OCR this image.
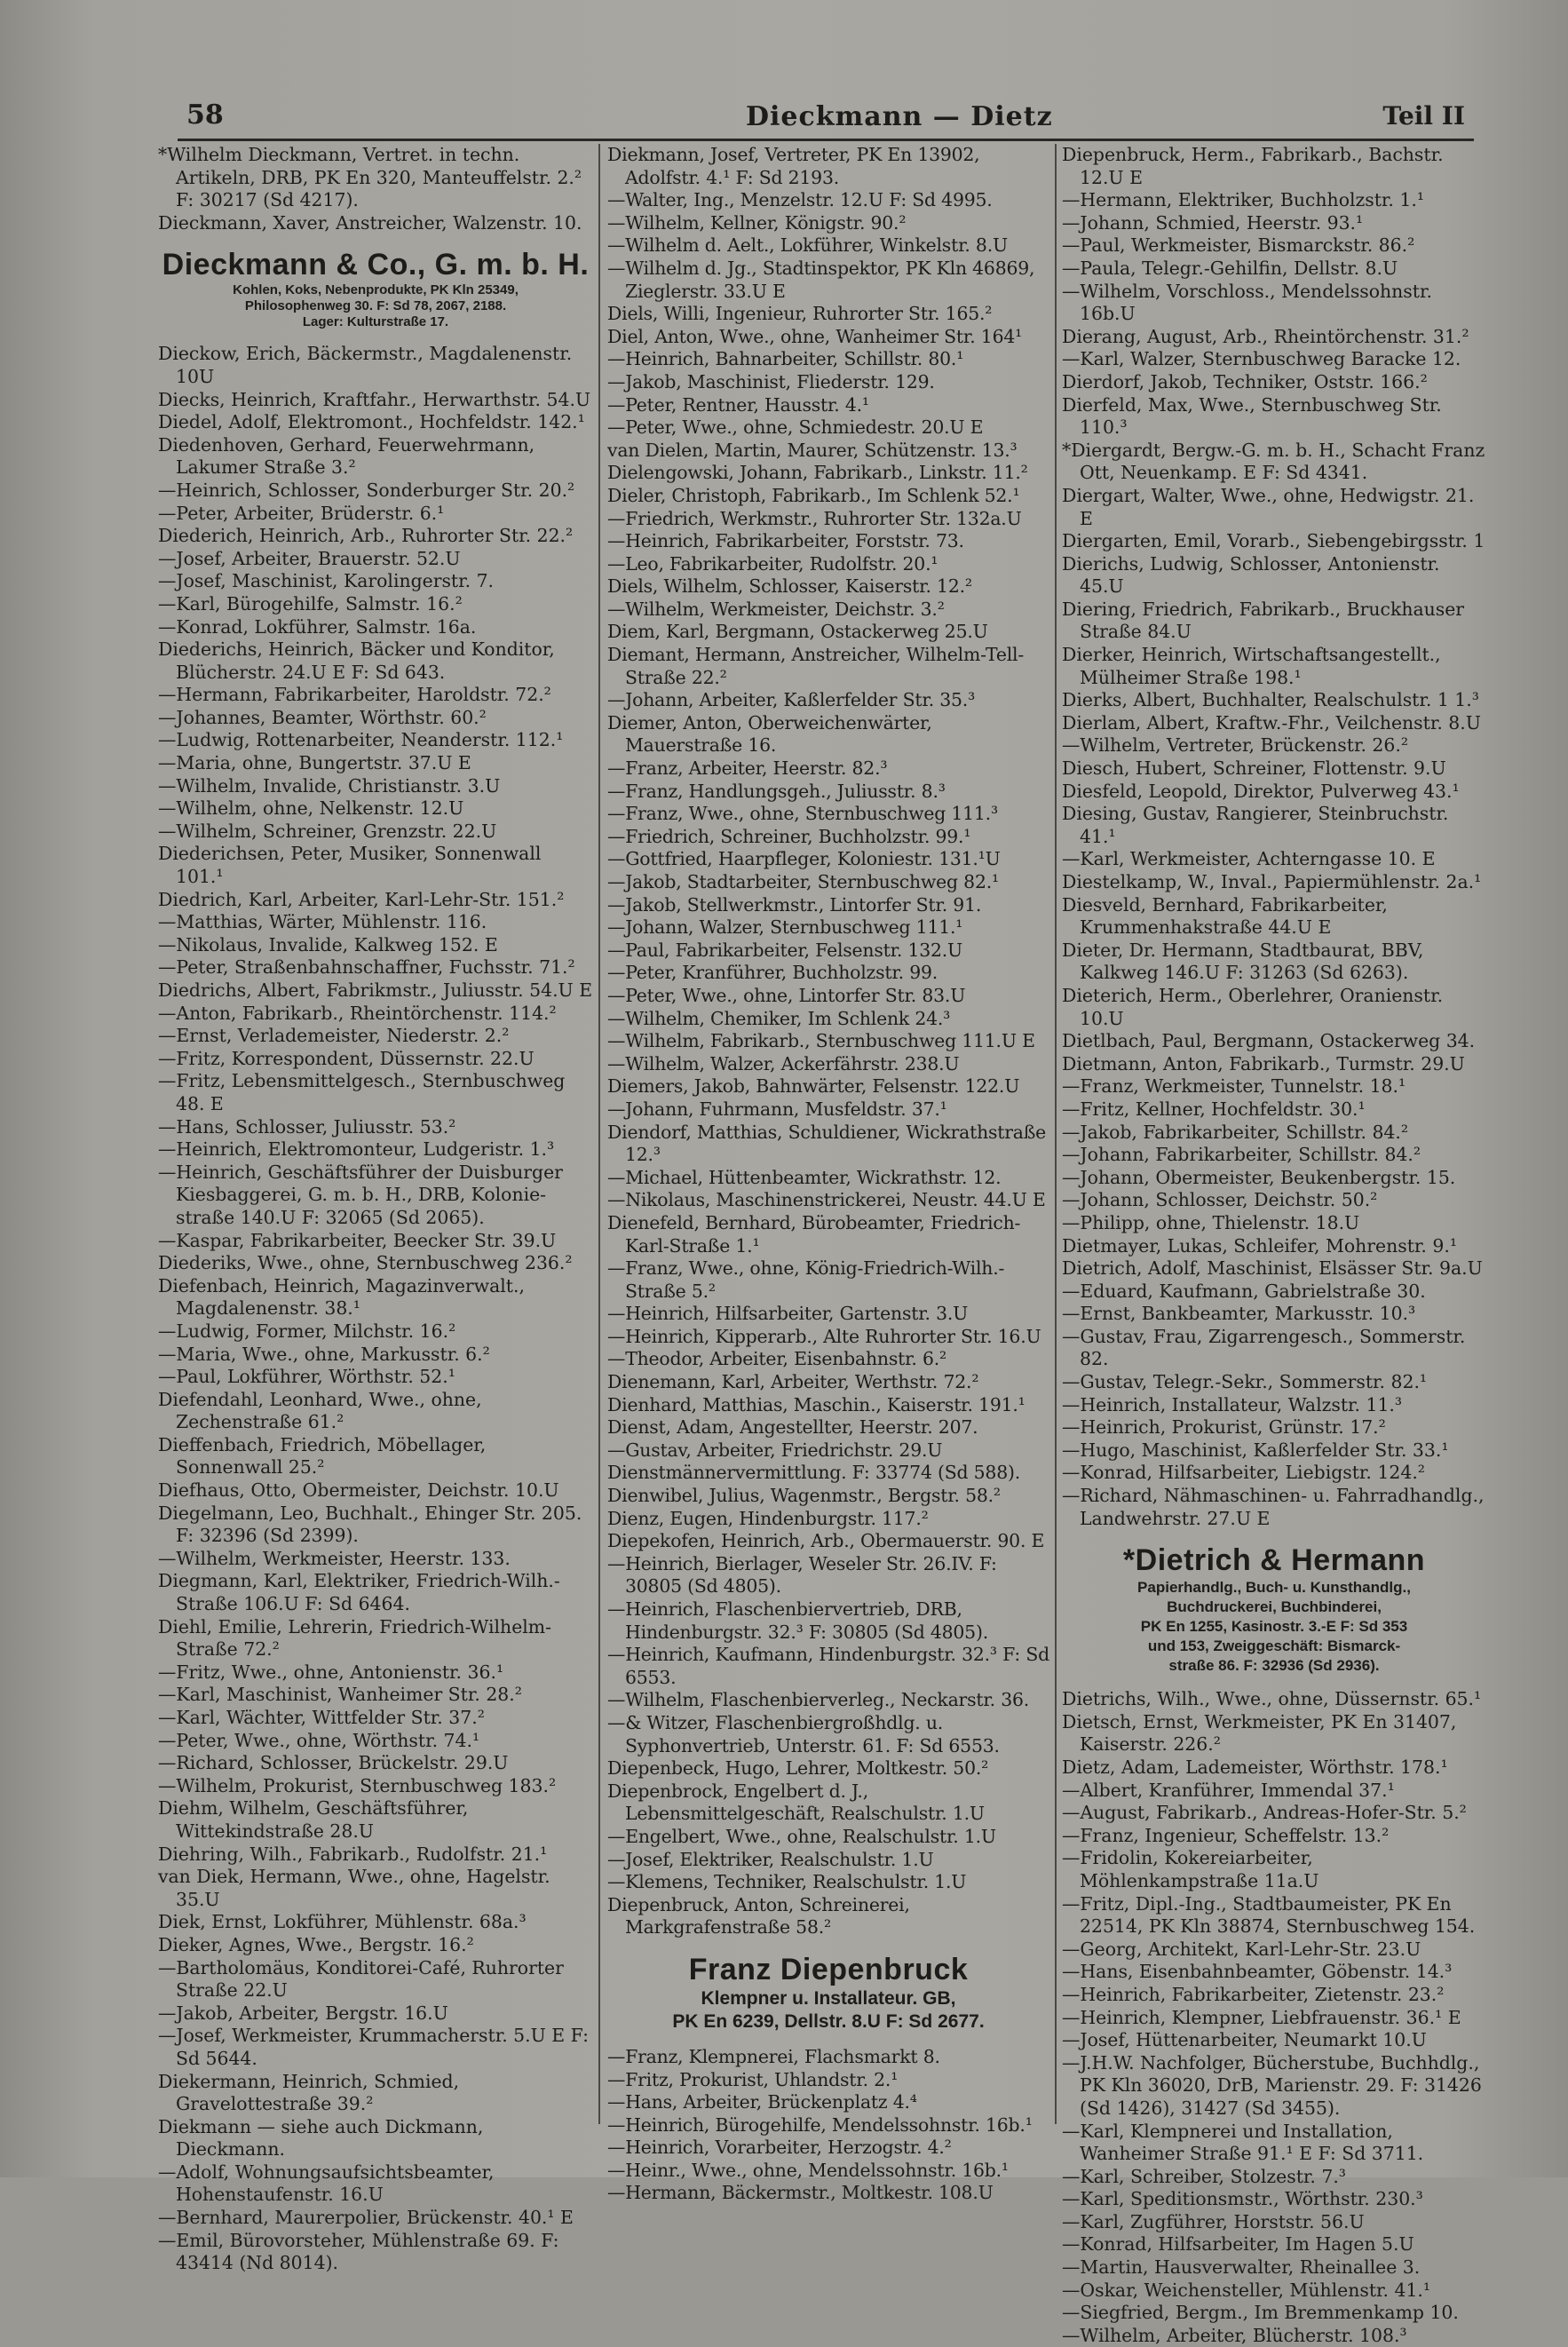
58	Dieckmann — Dietz	Teil II

*Wilhelm Dieckmann, Vertret. in techn. Artikeln, DRB, PK En 320, Manteuffelstr. 2.² F: 30217 (Sd 4217).

Dieckmann, Xaver, Anstreicher, Walzenstr. 10.

Dieckmann & Co., G. m. b. H.
Kohlen, Koks, Nebenprodukte, PK Kln 25349,
Philosophenweg 30. F: Sd 78, 2067, 2188.
Lager: Kulturstraße 17.

Dieckow, Erich, Bäckermstr., Magdalenenstr. 10U

Diecks, Heinrich, Kraftfahr., Herwarthstr. 54.U

Diedel, Adolf, Elektromont., Hochfeldstr. 142.¹

Diedenhoven, Gerhard, Feuerwehrmann, Lakumer Straße 3.²

—Heinrich, Schlosser, Sonderburger Str. 20.²

—Peter, Arbeiter, Brüderstr. 6.¹

Diederich, Heinrich, Arb., Ruhrorter Str. 22.²

—Josef, Arbeiter, Brauerstr. 52.U

—Josef, Maschinist, Karolingerstr. 7.

—Karl, Bürogehilfe, Salmstr. 16.²

—Konrad, Lokführer, Salmstr. 16a.

Diederichs, Heinrich, Bäcker und Konditor, Blücherstr. 24.U E F: Sd 643.

—Hermann, Fabrikarbeiter, Haroldstr. 72.²

—Johannes, Beamter, Wörthstr. 60.²

—Ludwig, Rottenarbeiter, Neanderstr. 112.¹

—Maria, ohne, Bungertstr. 37.U E

—Wilhelm, Invalide, Christianstr. 3.U

—Wilhelm, ohne, Nelkenstr. 12.U

—Wilhelm, Schreiner, Grenzstr. 22.U

Diederichsen, Peter, Musiker, Sonnenwall 101.¹

Diedrich, Karl, Arbeiter, Karl-Lehr-Str. 151.²

—Matthias, Wärter, Mühlenstr. 116.

—Nikolaus, Invalide, Kalkweg 152. E

—Peter, Straßenbahnschaffner, Fuchsstr. 71.²

Diedrichs, Albert, Fabrikmstr., Juliusstr. 54.U E

—Anton, Fabrikarb., Rheintörchenstr. 114.²

—Ernst, Verlademeister, Niederstr. 2.²

—Fritz, Korrespondent, Düssernstr. 22.U

—Fritz, Lebensmittelgesch., Sternbuschweg 48. E

—Hans, Schlosser, Juliusstr. 53.²

—Heinrich, Elektromonteur, Ludgeristr. 1.³

—Heinrich, Geschäftsführer der Duisburger Kiesbaggerei, G. m. b. H., DRB, Kolonie-straße 140.U F: 32065 (Sd 2065).

—Kaspar, Fabrikarbeiter, Beecker Str. 39.U

Diederiks, Wwe., ohne, Sternbuschweg 236.²

Diefenbach, Heinrich, Magazinverwalt., Magdalenenstr. 38.¹

—Ludwig, Former, Milchstr. 16.²

—Maria, Wwe., ohne, Markusstr. 6.²

—Paul, Lokführer, Wörthstr. 52.¹

Diefendahl, Leonhard, Wwe., ohne, Zechenstraße 61.²

Dieffenbach, Friedrich, Möbellager, Sonnenwall 25.²

Diefhaus, Otto, Obermeister, Deichstr. 10.U

Diegelmann, Leo, Buchhalt., Ehinger Str. 205. F: 32396 (Sd 2399).

—Wilhelm, Werkmeister, Heerstr. 133.

Diegmann, Karl, Elektriker, Friedrich-Wilh.-Straße 106.U F: Sd 6464.

Diehl, Emilie, Lehrerin, Friedrich-Wilhelm-Straße 72.²

—Fritz, Wwe., ohne, Antonienstr. 36.¹

—Karl, Maschinist, Wanheimer Str. 28.²

—Karl, Wächter, Wittfelder Str. 37.²

—Peter, Wwe., ohne, Wörthstr. 74.¹

—Richard, Schlosser, Brückelstr. 29.U

—Wilhelm, Prokurist, Sternbuschweg 183.²

Diehm, Wilhelm, Geschäftsführer, Wittekindstraße 28.U

Diehring, Wilh., Fabrikarb., Rudolfstr. 21.¹

van Diek, Hermann, Wwe., ohne, Hagelstr. 35.U

Diek, Ernst, Lokführer, Mühlenstr. 68a.³

Dieker, Agnes, Wwe., Bergstr. 16.²

—Bartholomäus, Konditorei-Café, Ruhrorter Straße 22.U

—Jakob, Arbeiter, Bergstr. 16.U

—Josef, Werkmeister, Krummacherstr. 5.U E F: Sd 5644.

Diekermann, Heinrich, Schmied, Gravelottestraße 39.²

Diekmann — siehe auch Dickmann, Dieckmann.

—Adolf, Wohnungsaufsichtsbeamter, Hohenstaufenstr. 16.U

—Bernhard, Maurerpolier, Brückenstr. 40.¹ E

—Emil, Bürovorsteher, Mühlenstraße 69. F: 43414 (Nd 8014).

Diekmann, Josef, Vertreter, PK En 13902, Adolfstr. 4.¹ F: Sd 2193.

—Walter, Ing., Menzelstr. 12.U F: Sd 4995.

—Wilhelm, Kellner, Königstr. 90.²

—Wilhelm d. Aelt., Lokführer, Winkelstr. 8.U

—Wilhelm d. Jg., Stadtinspektor, PK Kln 46869, Zieglerstr. 33.U E

Diels, Willi, Ingenieur, Ruhrorter Str. 165.²

Diel, Anton, Wwe., ohne, Wanheimer Str. 164¹

—Heinrich, Bahnarbeiter, Schillstr. 80.¹

—Jakob, Maschinist, Fliederstr. 129.

—Peter, Rentner, Hausstr. 4.¹

—Peter, Wwe., ohne, Schmiedestr. 20.U E

van Dielen, Martin, Maurer, Schützenstr. 13.³

Dielengowski, Johann, Fabrikarb., Linkstr. 11.²

Dieler, Christoph, Fabrikarb., Im Schlenk 52.¹

—Friedrich, Werkmstr., Ruhrorter Str. 132a.U

—Heinrich, Fabrikarbeiter, Forststr. 73.

—Leo, Fabrikarbeiter, Rudolfstr. 20.¹

Diels, Wilhelm, Schlosser, Kaiserstr. 12.²

—Wilhelm, Werkmeister, Deichstr. 3.²

Diem, Karl, Bergmann, Ostackerweg 25.U

Diemant, Hermann, Anstreicher, Wilhelm-Tell-Straße 22.²

—Johann, Arbeiter, Kaßlerfelder Str. 35.³

Diemer, Anton, Oberweichenwärter, Mauerstraße 16.

—Franz, Arbeiter, Heerstr. 82.³

—Franz, Handlungsgeh., Juliusstr. 8.³

—Franz, Wwe., ohne, Sternbuschweg 111.³

—Friedrich, Schreiner, Buchholzstr. 99.¹

—Gottfried, Haarpfleger, Koloniestr. 131.¹U

—Jakob, Stadtarbeiter, Sternbuschweg 82.¹

—Jakob, Stellwerkmstr., Lintorfer Str. 91.

—Johann, Walzer, Sternbuschweg 111.¹

—Paul, Fabrikarbeiter, Felsenstr. 132.U

—Peter, Kranführer, Buchholzstr. 99.

—Peter, Wwe., ohne, Lintorfer Str. 83.U

—Wilhelm, Chemiker, Im Schlenk 24.³

—Wilhelm, Fabrikarb., Sternbuschweg 111.U E

—Wilhelm, Walzer, Ackerfährstr. 238.U

Diemers, Jakob, Bahnwärter, Felsenstr. 122.U

—Johann, Fuhrmann, Musfeldstr. 37.¹

Diendorf, Matthias, Schuldiener, Wickrathstraße 12.³

—Michael, Hüttenbeamter, Wickrathstr. 12.

—Nikolaus, Maschinenstrickerei, Neustr. 44.U E

Dienefeld, Bernhard, Bürobeamter, Friedrich-Karl-Straße 1.¹

—Franz, Wwe., ohne, König-Friedrich-Wilh.-Straße 5.²

—Heinrich, Hilfsarbeiter, Gartenstr. 3.U

—Heinrich, Kipperarb., Alte Ruhrorter Str. 16.U

—Theodor, Arbeiter, Eisenbahnstr. 6.²

Dienemann, Karl, Arbeiter, Werthstr. 72.²

Dienhard, Matthias, Maschin., Kaiserstr. 191.¹

Dienst, Adam, Angestellter, Heerstr. 207.

—Gustav, Arbeiter, Friedrichstr. 29.U

Dienstmännervermittlung. F: 33774 (Sd 588).

Dienwibel, Julius, Wagenmstr., Bergstr. 58.²

Dienz, Eugen, Hindenburgstr. 117.²

Diepekofen, Heinrich, Arb., Obermauerstr. 90. E

—Heinrich, Bierlager, Weseler Str. 26.IV. F: 30805 (Sd 4805).

—Heinrich, Flaschenbiervertrieb, DRB, Hindenburgstr. 32.³ F: 30805 (Sd 4805).

—Heinrich, Kaufmann, Hindenburgstr. 32.³ F: Sd 6553.

—Wilhelm, Flaschenbierverleg., Neckarstr. 36.

—& Witzer, Flaschenbiergroßhdlg. u. Syphonvertrieb, Unterstr. 61. F: Sd 6553.

Diepenbeck, Hugo, Lehrer, Moltkestr. 50.²

Diepenbrock, Engelbert d. J., Lebensmittelgeschäft, Realschulstr. 1.U

—Engelbert, Wwe., ohne, Realschulstr. 1.U

—Josef, Elektriker, Realschulstr. 1.U

—Klemens, Techniker, Realschulstr. 1.U

Diepenbruck, Anton, Schreinerei, Markgrafenstraße 58.²

Franz Diepenbruck
Klempner u. Installateur. GB,
PK En 6239, Dellstr. 8.U F: Sd 2677.

—Franz, Klempnerei, Flachsmarkt 8.

—Fritz, Prokurist, Uhlandstr. 2.¹

—Hans, Arbeiter, Brückenplatz 4.⁴

—Heinrich, Bürogehilfe, Mendelssohnstr. 16b.¹

—Heinrich, Vorarbeiter, Herzogstr. 4.²

—Heinr., Wwe., ohne, Mendelssohnstr. 16b.¹

—Hermann, Bäckermstr., Moltkestr. 108.U

Diepenbruck, Herm., Fabrikarb., Bachstr. 12.U E

—Hermann, Elektriker, Buchholzstr. 1.¹

—Johann, Schmied, Heerstr. 93.¹

—Paul, Werkmeister, Bismarckstr. 86.²

—Paula, Telegr.-Gehilfin, Dellstr. 8.U

—Wilhelm, Vorschloss., Mendelssohnstr. 16b.U

Dierang, August, Arb., Rheintörchenstr. 31.²

—Karl, Walzer, Sternbuschweg Baracke 12.

Dierdorf, Jakob, Techniker, Oststr. 166.²

Dierfeld, Max, Wwe., Sternbuschweg Str. 110.³

*Diergardt, Bergw.-G. m. b. H., Schacht Franz Ott, Neuenkamp. E F: Sd 4341.

Diergart, Walter, Wwe., ohne, Hedwigstr. 21. E

Diergarten, Emil, Vorarb., Siebengebirgsstr. 1

Dierichs, Ludwig, Schlosser, Antonienstr. 45.U

Diering, Friedrich, Fabrikarb., Bruckhauser Straße 84.U

Dierker, Heinrich, Wirtschaftsangestellt., Mülheimer Straße 198.¹

Dierks, Albert, Buchhalter, Realschulstr. 1 1.³

Dierlam, Albert, Kraftw.-Fhr., Veilchenstr. 8.U

—Wilhelm, Vertreter, Brückenstr. 26.²

Diesch, Hubert, Schreiner, Flottenstr. 9.U

Diesfeld, Leopold, Direktor, Pulverweg 43.¹

Diesing, Gustav, Rangierer, Steinbruchstr. 41.¹

—Karl, Werkmeister, Achterngasse 10. E

Diestelkamp, W., Inval., Papiermühlenstr. 2a.¹

Diesveld, Bernhard, Fabrikarbeiter, Krummenhakstraße 44.U E

Dieter, Dr. Hermann, Stadtbaurat, BBV, Kalkweg 146.U F: 31263 (Sd 6263).

Dieterich, Herm., Oberlehrer, Oranienstr. 10.U

Dietlbach, Paul, Bergmann, Ostackerweg 34.

Dietmann, Anton, Fabrikarb., Turmstr. 29.U

—Franz, Werkmeister, Tunnelstr. 18.¹

—Fritz, Kellner, Hochfeldstr. 30.¹

—Jakob, Fabrikarbeiter, Schillstr. 84.²

—Johann, Fabrikarbeiter, Schillstr. 84.²

—Johann, Obermeister, Beukenbergstr. 15.

—Johann, Schlosser, Deichstr. 50.²

—Philipp, ohne, Thielenstr. 18.U

Dietmayer, Lukas, Schleifer, Mohrenstr. 9.¹

Dietrich, Adolf, Maschinist, Elsässer Str. 9a.U

—Eduard, Kaufmann, Gabrielstraße 30.

—Ernst, Bankbeamter, Markusstr. 10.³

—Gustav, Frau, Zigarrengesch., Sommerstr. 82.

—Gustav, Telegr.-Sekr., Sommerstr. 82.¹

—Heinrich, Installateur, Walzstr. 11.³

—Heinrich, Prokurist, Grünstr. 17.²

—Hugo, Maschinist, Kaßlerfelder Str. 33.¹

—Konrad, Hilfsarbeiter, Liebigstr. 124.²

—Richard, Nähmaschinen- u. Fahrradhandlg., Landwehrstr. 27.U E

*Dietrich & Hermann
Papierhandlg., Buch- u. Kunsthandlg.,
Buchdruckerei, Buchbinderei,
PK En 1255, Kasinostr. 3.-E F: Sd 353
und 153, Zweiggeschäft: Bismarck-
straße 86. F: 32936 (Sd 2936).

Dietrichs, Wilh., Wwe., ohne, Düssernstr. 65.¹

Dietsch, Ernst, Werkmeister, PK En 31407, Kaiserstr. 226.²

Dietz, Adam, Lademeister, Wörthstr. 178.¹

—Albert, Kranführer, Immendal 37.¹

—August, Fabrikarb., Andreas-Hofer-Str. 5.²

—Franz, Ingenieur, Scheffelstr. 13.²

—Fridolin, Kokereiarbeiter, Möhlenkampstraße 11a.U

—Fritz, Dipl.-Ing., Stadtbaumeister, PK En 22514, PK Kln 38874, Sternbuschweg 154.

—Georg, Architekt, Karl-Lehr-Str. 23.U

—Hans, Eisenbahnbeamter, Göbenstr. 14.³

—Heinrich, Fabrikarbeiter, Zietenstr. 23.²

—Heinrich, Klempner, Liebfrauenstr. 36.¹ E

—Josef, Hüttenarbeiter, Neumarkt 10.U

—J.H.W. Nachfolger, Bücherstube, Buchhdlg., PK Kln 36020, DrB, Marienstr. 29. F: 31426 (Sd 1426), 31427 (Sd 3455).

—Karl, Klempnerei und Installation, Wanheimer Straße 91.¹ E F: Sd 3711.

—Karl, Schreiber, Stolzestr. 7.³

—Karl, Speditionsmstr., Wörthstr. 230.³

—Karl, Zugführer, Horststr. 56.U

—Konrad, Hilfsarbeiter, Im Hagen 5.U

—Martin, Hausverwalter, Rheinallee 3.

—Oskar, Weichensteller, Mühlenstr. 41.¹

—Siegfried, Bergm., Im Bremmenkamp 10.

—Wilhelm, Arbeiter, Blücherstr. 108.³
